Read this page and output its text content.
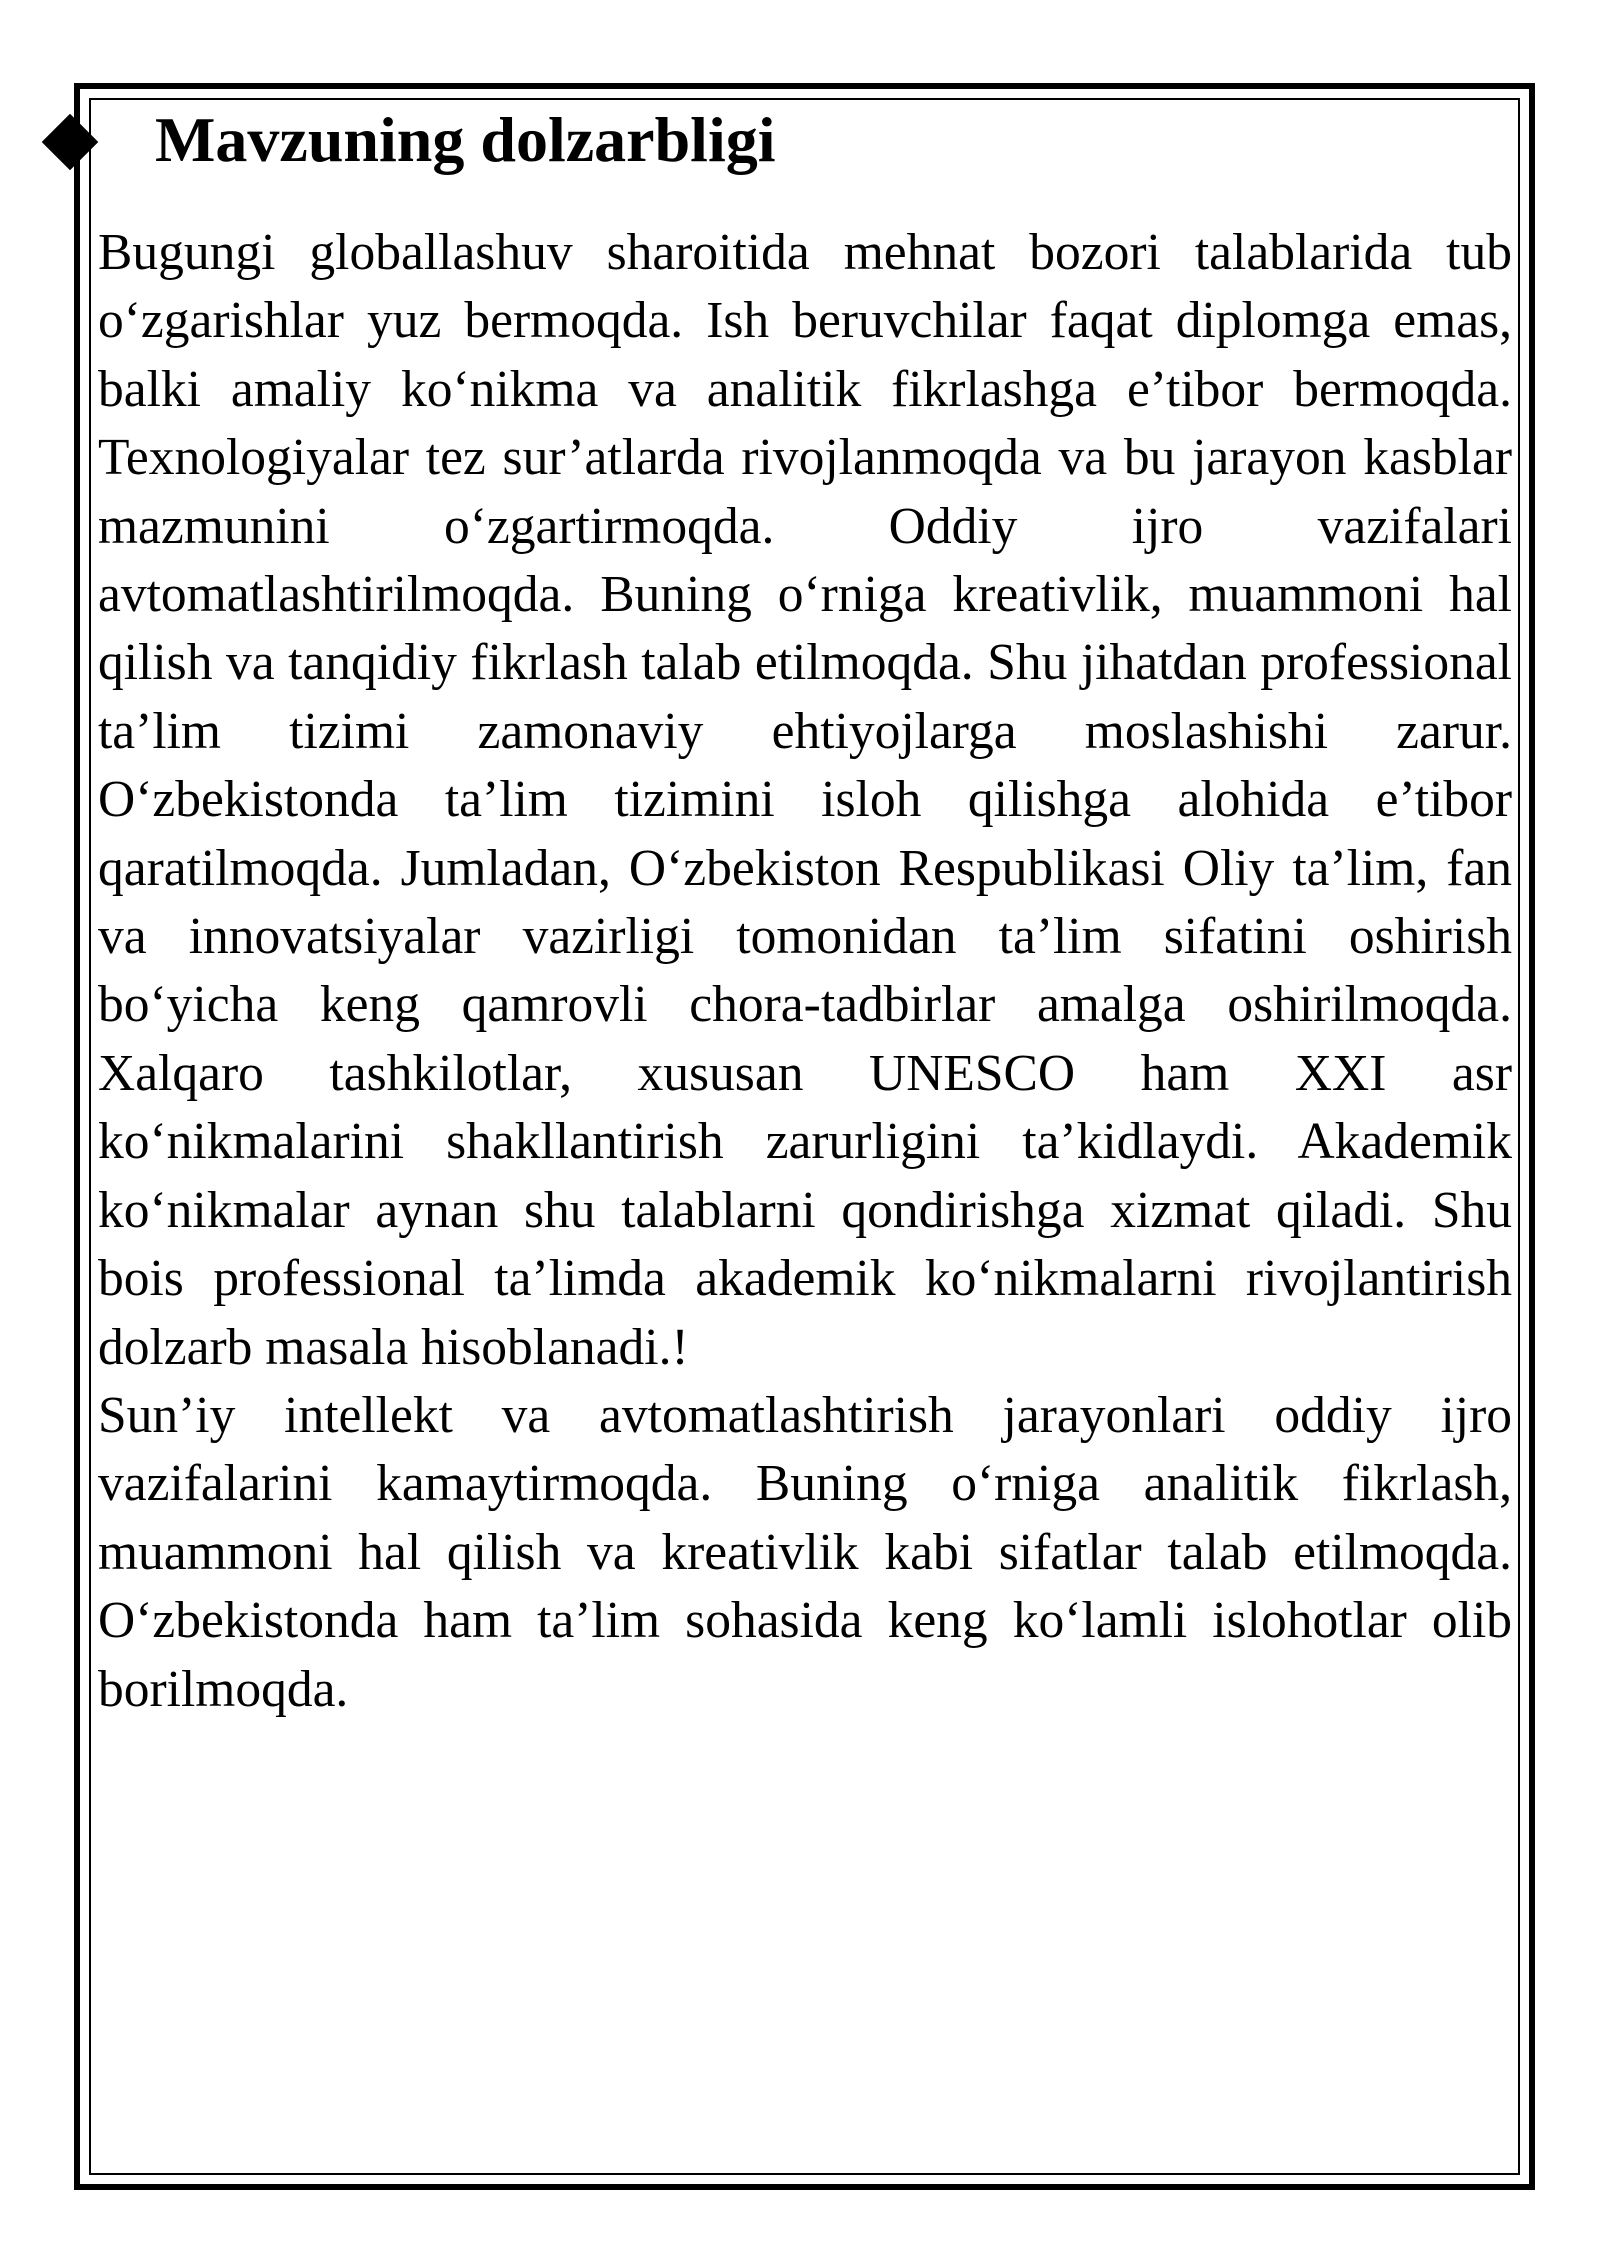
Mavzuning dolzarbligi

Bugungi globallashuv sharoitida mehnat bozori talablarida tub o‘zgarishlar yuz bermoqda. Ish beruvchilar faqat diplomga emas, balki amaliy ko‘nikma va analitik fikrlashga e’tibor bermoqda. Texnologiyalar tez sur’atlarda rivojlanmoqda va bu jarayon kasblar mazmunini o‘zgartirmoqda. Oddiy ijro vazifalari avtomatlashtirilmoqda. Buning o‘rniga kreativlik, muammoni hal qilish va tanqidiy fikrlash talab etilmoqda. Shu jihatdan professional ta’lim tizimi zamonaviy ehtiyojlarga moslashishi zarur. O‘zbekistonda ta’lim tizimini isloh qilishga alohida e’tibor qaratilmoqda. Jumladan, O‘zbekiston Respublikasi Oliy ta’lim, fan va innovatsiyalar vazirligi tomonidan ta’lim sifatini oshirish bo‘yicha keng qamrovli chora-tadbirlar amalga oshirilmoqda. Xalqaro tashkilotlar, xususan UNESCO ham XXI asr ko‘nikmalarini shakllantirish zarurligini ta’kidlaydi. Akademik ko‘nikmalar aynan shu talablarni qondirishga xizmat qiladi. Shu bois professional ta’limda akademik ko‘nikmalarni rivojlantirish dolzarb masala hisoblanadi.!

Sun’iy intellekt va avtomatlashtirish jarayonlari oddiy ijro vazifalarini kamaytirmoqda. Buning o‘rniga analitik fikrlash, muammoni hal qilish va kreativlik kabi sifatlar talab etilmoqda. O‘zbekistonda ham ta’lim sohasida keng ko‘lamli islohotlar olib borilmoqda.
